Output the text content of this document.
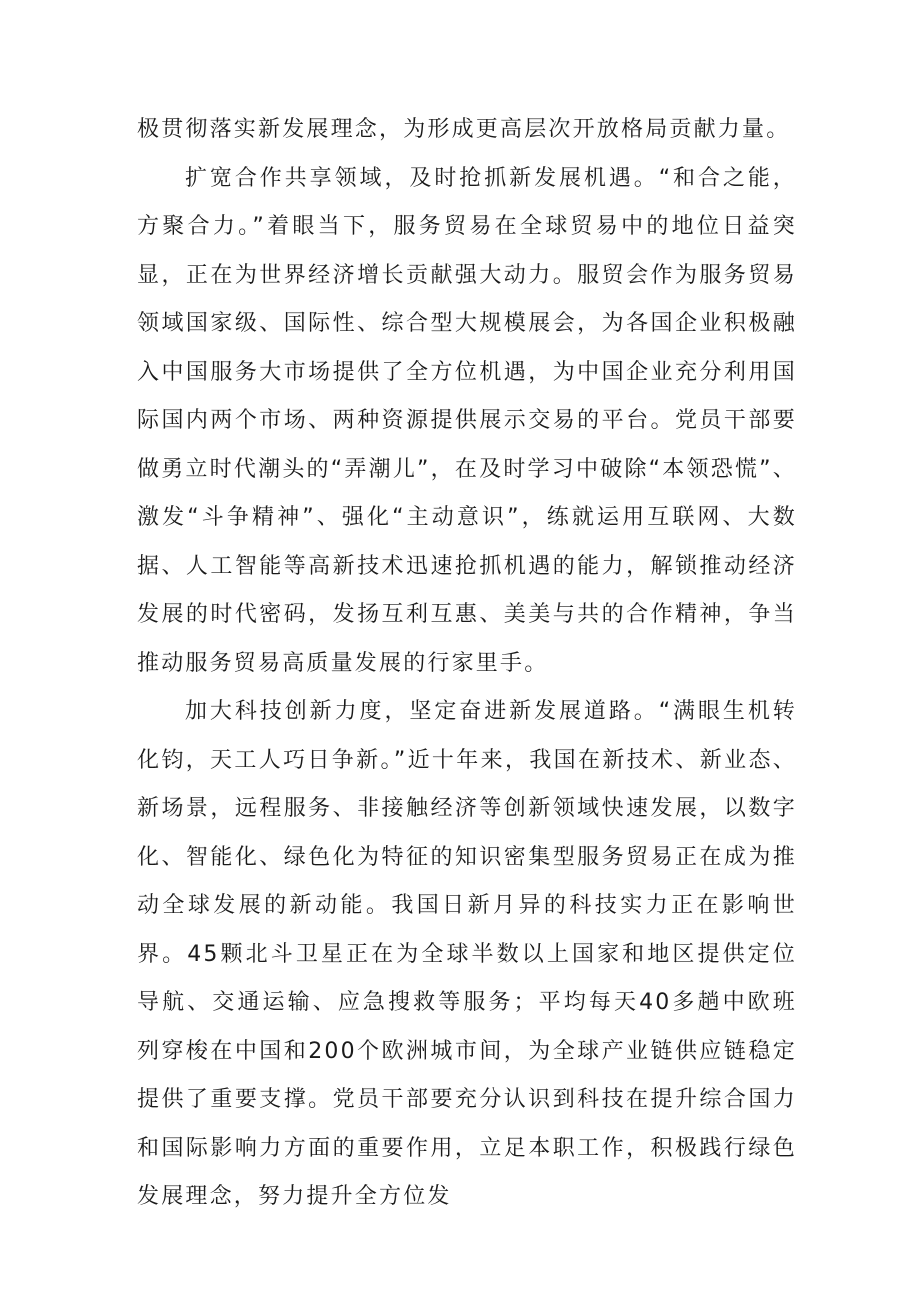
极贯彻落实新发展理念，为形成更高层次开放格局贡献力量。

扩宽合作共享领域，及时抢抓新发展机遇。“和合之能，方聚合力。”着眼当下，服务贸易在全球贸易中的地位日益突显，正在为世界经济增长贡献强大动力。服贸会作为服务贸易领域国家级、国际性、综合型大规模展会，为各国企业积极融入中国服务大市场提供了全方位机遇，为中国企业充分利用国际国内两个市场、两种资源提供展示交易的平台。党员干部要做勇立时代潮头的“弄潮儿”，在及时学习中破除“本领恐慌”、激发“斗争精神”、强化“主动意识”，练就运用互联网、大数据、人工智能等高新技术迅速抢抓机遇的能力，解锁推动经济发展的时代密码，发扬互利互惠、美美与共的合作精神，争当推动服务贸易高质量发展的行家里手。

加大科技创新力度，坚定奋进新发展道路。“满眼生机转化钧，天工人巧日争新。”近十年来，我国在新技术、新业态、新场景，远程服务、非接触经济等创新领域快速发展，以数字化、智能化、绿色化为特征的知识密集型服务贸易正在成为推动全球发展的新动能。我国日新月异的科技实力正在影响世界。45颗北斗卫星正在为全球半数以上国家和地区提供定位导航、交通运输、应急搜救等服务；平均每天40多趟中欧班列穿梭在中国和200个欧洲城市间，为全球产业链供应链稳定提供了重要支撑。党员干部要充分认识到科技在提升综合国力和国际影响力方面的重要作用，立足本职工作，积极践行绿色发展理念，努力提升全方位发
